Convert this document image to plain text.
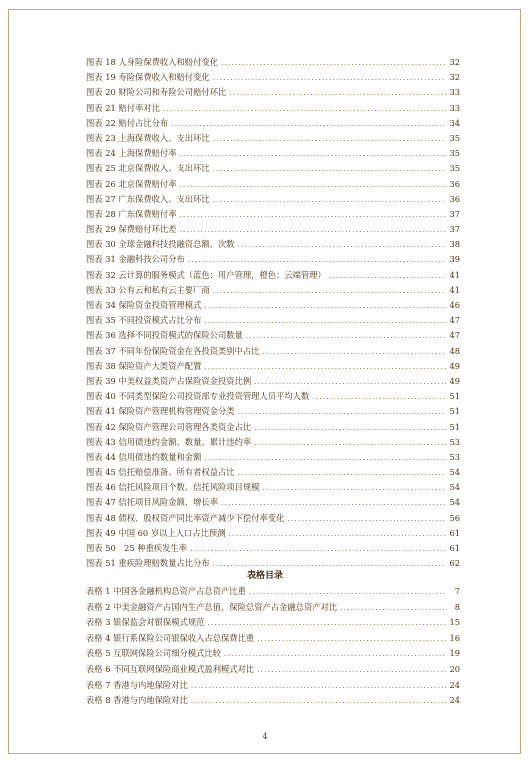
图表 18 人身险保费收入和赔付变化 .....	32
图表 19 寿险保费收入和赔付变化 .....	32
图表 20 财险公司和寿险公司赔付环比 .....	33
图表 21 赔付率对比 .....	33
图表 22 赔付占比分布 .....	34
图表 23 上海保费收入、支出环比 .....	35
图表 24 上海保费赔付率 .....	35
图表 25 北京保费收入、支出环比 .....	35
图表 26 北京保费赔付率 .....	36
图表 27 广东保费收入、支出环比 .....	36
图表 28 广东保费赔付率 .....	37
图表 29 保费赔付环比差 .....	37
图表 30 全球金融科技投融资总额、次数 .....	38
图表 31 金融科技公司分布 .....	39
图表 32 云计算的服务模式（蓝色：用户管理，橙色：云端管理） .....	41
图表 33 公有云和私有云主要厂商 .....	41
图表 34 保险资金投资管理模式 .....	46
图表 35 不同投资模式占比分布 .....	47
图表 36 选择不同投资模式的保险公司数量 .....	47
图表 37 不同年份保险资金在各投资类别中占比 .....	48
图表 38 保险资产大类资产配置 .....	49
图表 39 中美权益类资产占保险资金投资比例 .....	49
图表 40 不同类型保险公司投资部专业投资管理人员平均人数 .....	51
图表 41 保险资产管理机构管理资金分类 .....	51
图表 42 保险资产管理公司管理各类资金占比 .....	51
图表 43 信用债违约金额、数量、累计违约率 .....	53
图表 44 信用债违约数量和金额 .....	53
图表 45 信托赔偿准备、所有者权益占比 .....	54
图表 46 信托风险项目个数、信托风险项目规模 .....	54
图表 47 信托项目风险金额、增长率 .....	54
图表 48 债权、股权资产同比率资产减少下偿付率变化 .....	56
图表 49 中国 60 岁以上人口占比预测 .....	61
图表 50　25 种重疾发生率 .....	61
图表 51 重疾险理赔数量占比分布 .....	62
表格目录
表格 1 中国各金融机构总资产占总资产比重 .....	7
表格 2 中美金融资产占国内生产总值、保险总资产占金融总资产对比 .....	8
表格 3 银保监会对银保模式规范 .....	15
表格 4 银行系保险公司银保收入占总保费比重 .....	16
表格 5 互联网保险公司细分模式比较 .....	19
表格 6 不同互联网保险商业模式盈利模式对比 .....	20
表格 7 香港与内地保险对比 .....	24
表格 8 香港与内地保险对比 .....	24
4
